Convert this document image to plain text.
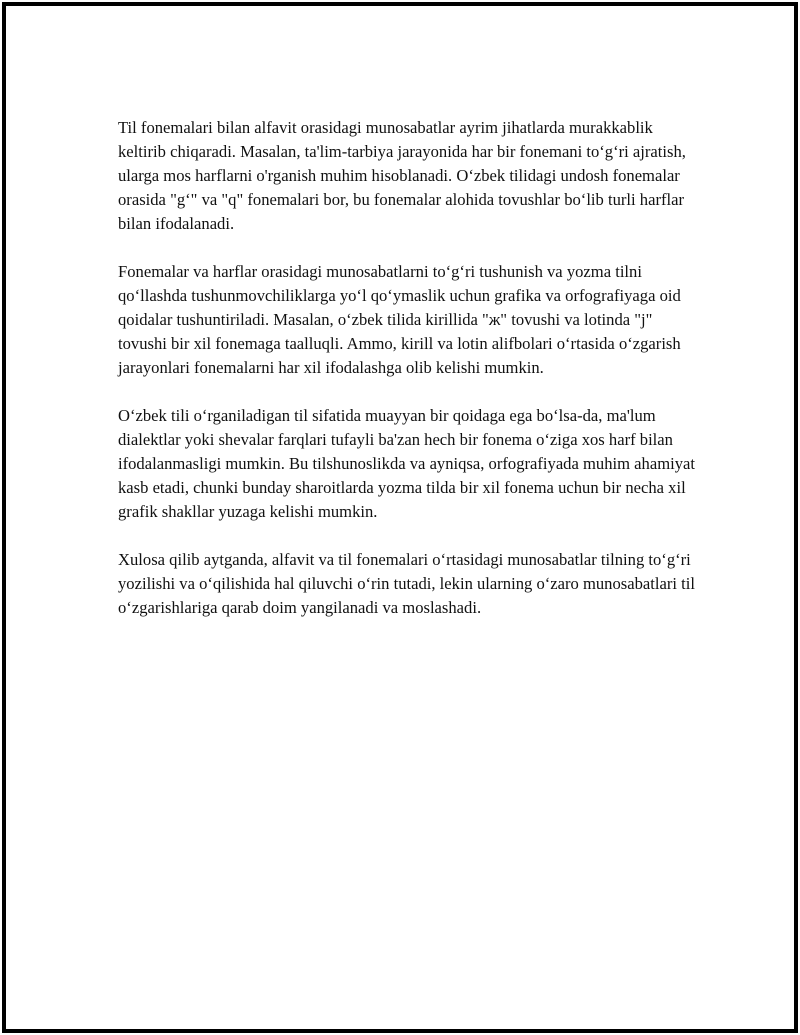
Til fonemalari bilan alfavit orasidagi munosabatlar ayrim jihatlarda murakkablik keltirib chiqaradi. Masalan, ta'lim-tarbiya jarayonida har bir fonemani to‘g‘ri ajratish, ularga mos harflarni o'rganish muhim hisoblanadi. O‘zbek tilidagi undosh fonemalar orasida "g‘" va "q" fonemalari bor, bu fonemalar alohida tovushlar bo‘lib turli harflar bilan ifodalanadi.

Fonemalar va harflar orasidagi munosabatlarni to‘g‘ri tushunish va yozma tilni qo‘llashda tushunmovchiliklarga yo‘l qo‘ymaslik uchun grafika va orfografiyaga oid qoidalar tushuntiriladi. Masalan, o‘zbek tilida kirillida "ж" tovushi va lotinda "j" tovushi bir xil fonemaga taalluqli. Ammo, kirill va lotin alifbolari o‘rtasida o‘zgarish jarayonlari fonemalarni har xil ifodalashga olib kelishi mumkin.

O‘zbek tili o‘rganiladigan til sifatida muayyan bir qoidaga ega bo‘lsa-da, ma'lum dialektlar yoki shevalar farqlari tufayli ba'zan hech bir fonema o‘ziga xos harf bilan ifodalanmasligi mumkin. Bu tilshunoslikda va ayniqsa, orfografiyada muhim ahamiyat kasb etadi, chunki bunday sharoitlarda yozma tilda bir xil fonema uchun bir necha xil grafik shakllar yuzaga kelishi mumkin.

Xulosa qilib aytganda, alfavit va til fonemalari o‘rtasidagi munosabatlar tilning to‘g‘ri yozilishi va o‘qilishida hal qiluvchi o‘rin tutadi, lekin ularning o‘zaro munosabatlari til o‘zgarishlariga qarab doim yangilanadi va moslashadi.
